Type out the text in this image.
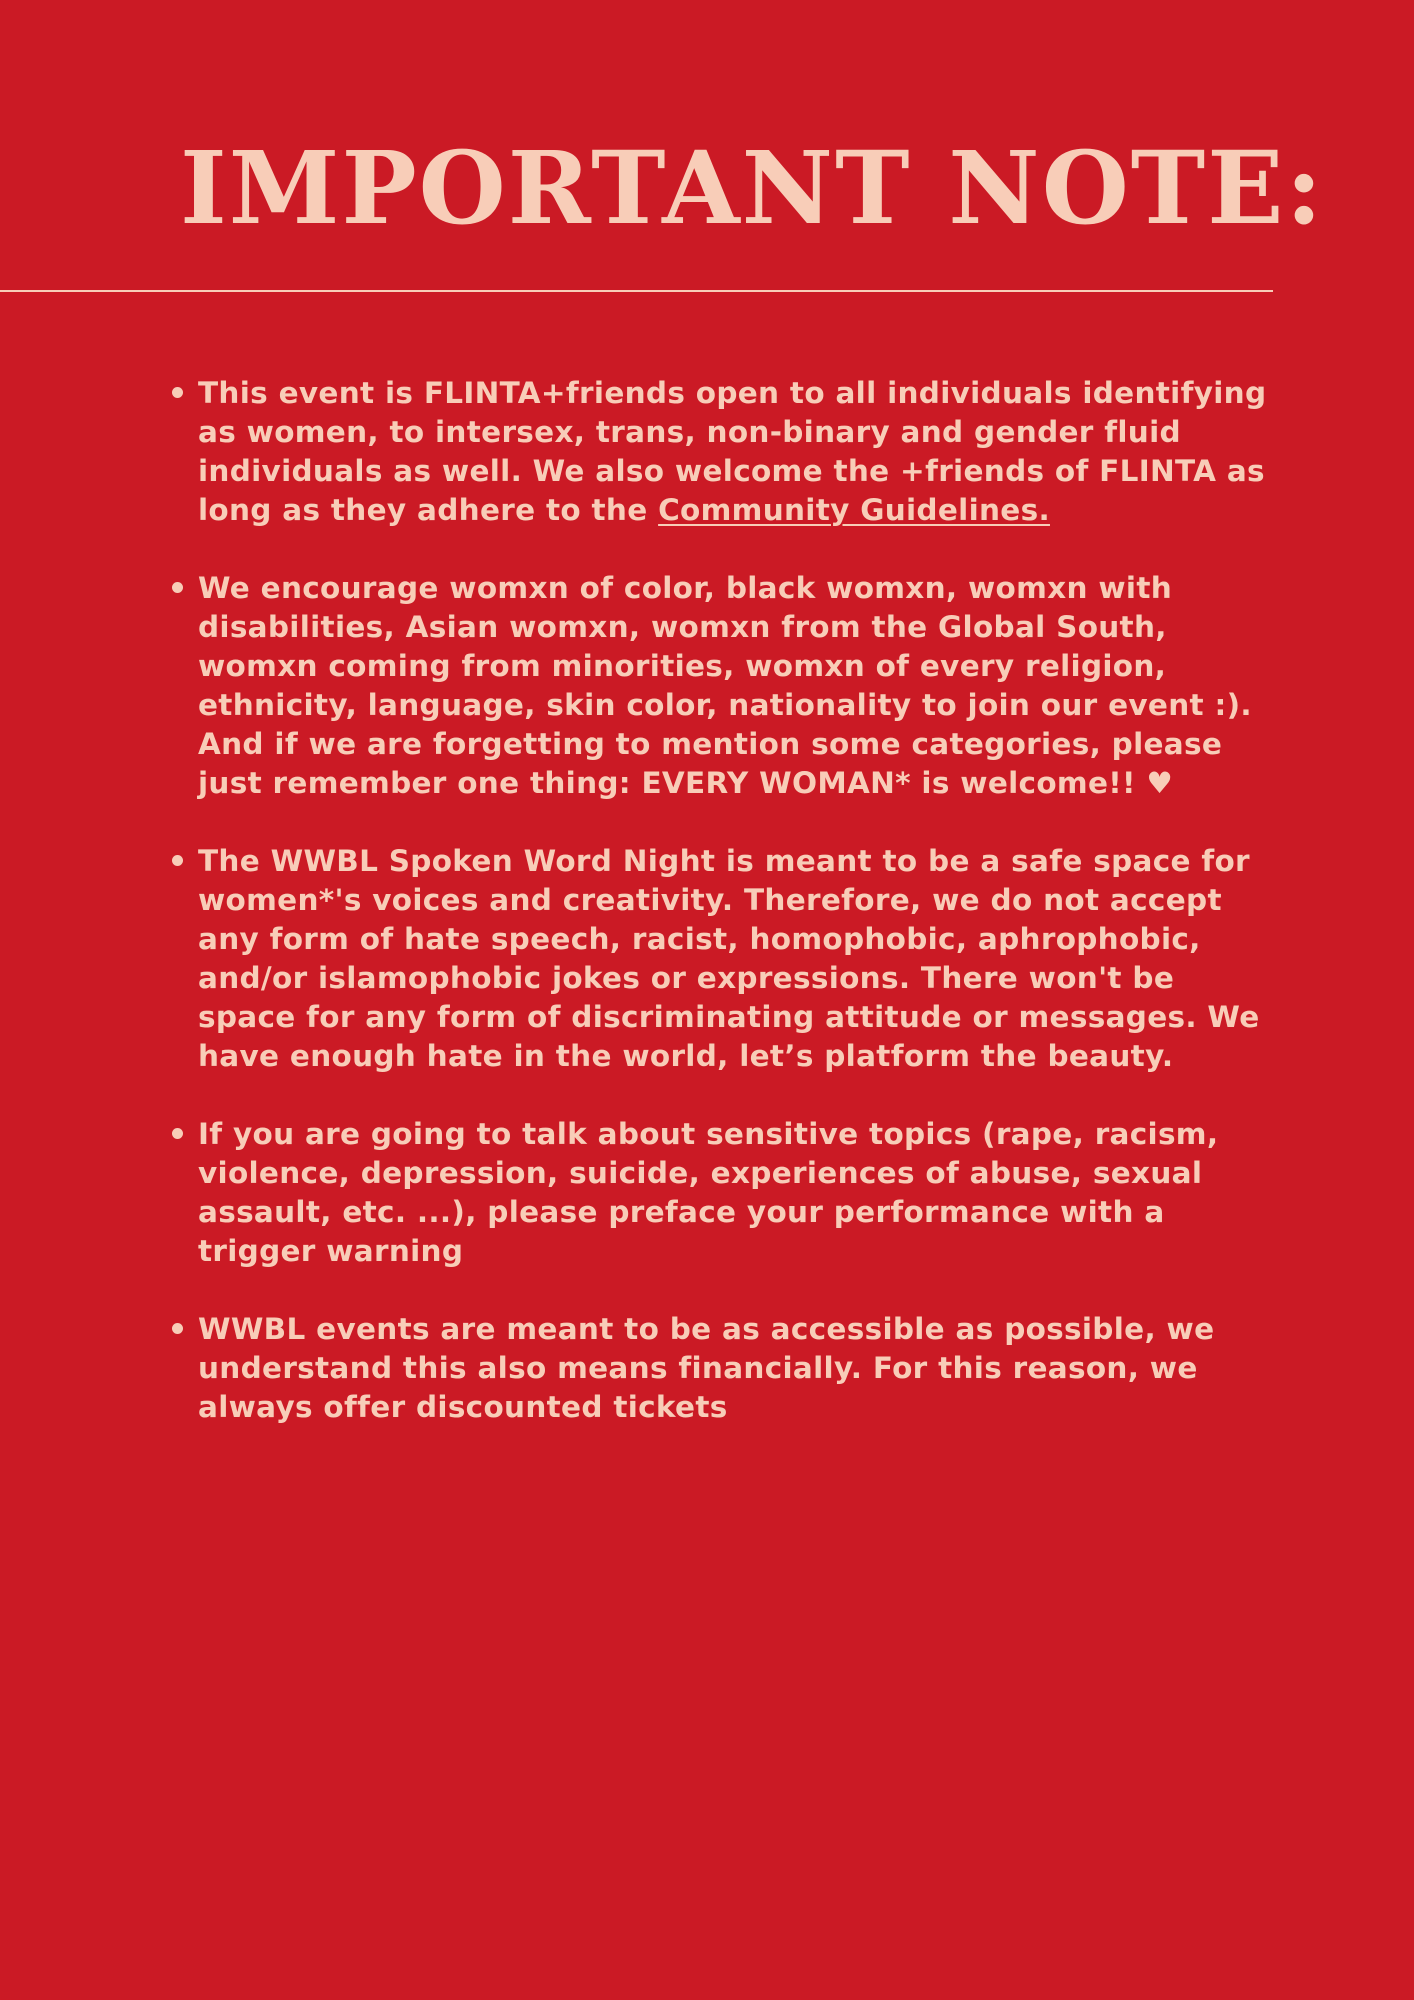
IMPORTANT NOTE:

This event is FLINTA+friends open to all individuals identifying as women, to intersex, trans, non-binary and gender fluid individuals as well. We also welcome the +friends of FLINTA as long as they adhere to the Community Guidelines.

We encourage womxn of color, black womxn, womxn with disabilities, Asian womxn, womxn from the Global South, womxn coming from minorities, womxn of every religion, ethnicity, language, skin color, nationality to join our event :). And if we are forgetting to mention some categories, please just remember one thing: EVERY WOMAN* is welcome!! ♥

The WWBL Spoken Word Night is meant to be a safe space for women*'s voices and creativity. Therefore, we do not accept any form of hate speech, racist, homophobic, aphrophobic, and/or islamophobic jokes or expressions. There won't be space for any form of discriminating attitude or messages. We have enough hate in the world, let’s platform the beauty.

If you are going to talk about sensitive topics (rape, racism, violence, depression, suicide, experiences of abuse, sexual assault, etc. ...), please preface your performance with a trigger warning

WWBL events are meant to be as accessible as possible, we understand this also means financially. For this reason, we always offer discounted tickets
